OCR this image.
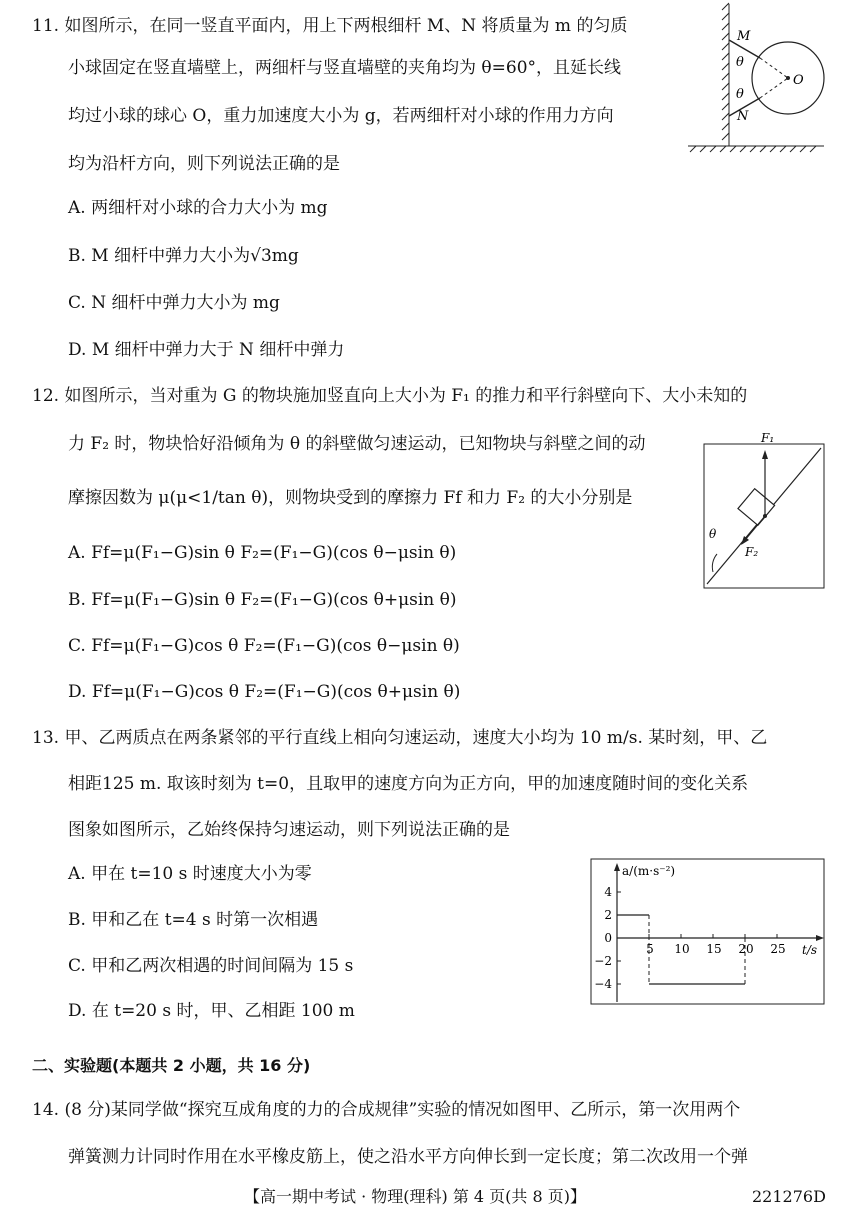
11. 如图所示，在同一竖直平面内，用上下两根细杆 M、N 将质量为 m 的匀质
小球固定在竖直墙壁上，两细杆与竖直墙壁的夹角均为 θ=60°，且延长线
均过小球的球心 O，重力加速度大小为 g，若两细杆对小球的作用力方向
均为沿杆方向，则下列说法正确的是
A. 两细杆对小球的合力大小为 mg
B. M 细杆中弹力大小为√3mg
C. N 细杆中弹力大小为 mg
D. M 细杆中弹力大于 N 细杆中弹力
M
θ
θ
N
O
12. 如图所示，当对重为 G 的物块施加竖直向上大小为 F₁ 的推力和平行斜壁向下、大小未知的
力 F₂ 时，物块恰好沿倾角为 θ 的斜壁做匀速运动，已知物块与斜壁之间的动
摩擦因数为 μ(μ<1/tan θ)，则物块受到的摩擦力 Ff 和力 F₂ 的大小分别是
A. Ff=μ(F₁−G)sin θ F₂=(F₁−G)(cos θ−μsin θ)
B. Ff=μ(F₁−G)sin θ F₂=(F₁−G)(cos θ+μsin θ)
C. Ff=μ(F₁−G)cos θ F₂=(F₁−G)(cos θ−μsin θ)
D. Ff=μ(F₁−G)cos θ F₂=(F₁−G)(cos θ+μsin θ)
F₁
F₂
θ
13. 甲、乙两质点在两条紧邻的平行直线上相向匀速运动，速度大小均为 10 m/s. 某时刻，甲、乙
相距125 m. 取该时刻为 t=0，且取甲的速度方向为正方向，甲的加速度随时间的变化关系
图象如图所示，乙始终保持匀速运动，则下列说法正确的是
A. 甲在 t=10 s 时速度大小为零
B. 甲和乙在 t=4 s 时第一次相遇
C. 甲和乙两次相遇的时间间隔为 15 s
D. 在 t=20 s 时，甲、乙相距 100 m
a/(m·s⁻²)
t/s
4
2
0
−2
−4
5 10 15 20 25
二、实验题(本题共 2 小题，共 16 分)
14. (8 分)某同学做“探究互成角度的力的合成规律”实验的情况如图甲、乙所示，第一次用两个
弹簧测力计同时作用在水平橡皮筋上，使之沿水平方向伸长到一定长度；第二次改用一个弹
【高一期中考试 · 物理(理科) 第 4 页(共 8 页)】	221276D
